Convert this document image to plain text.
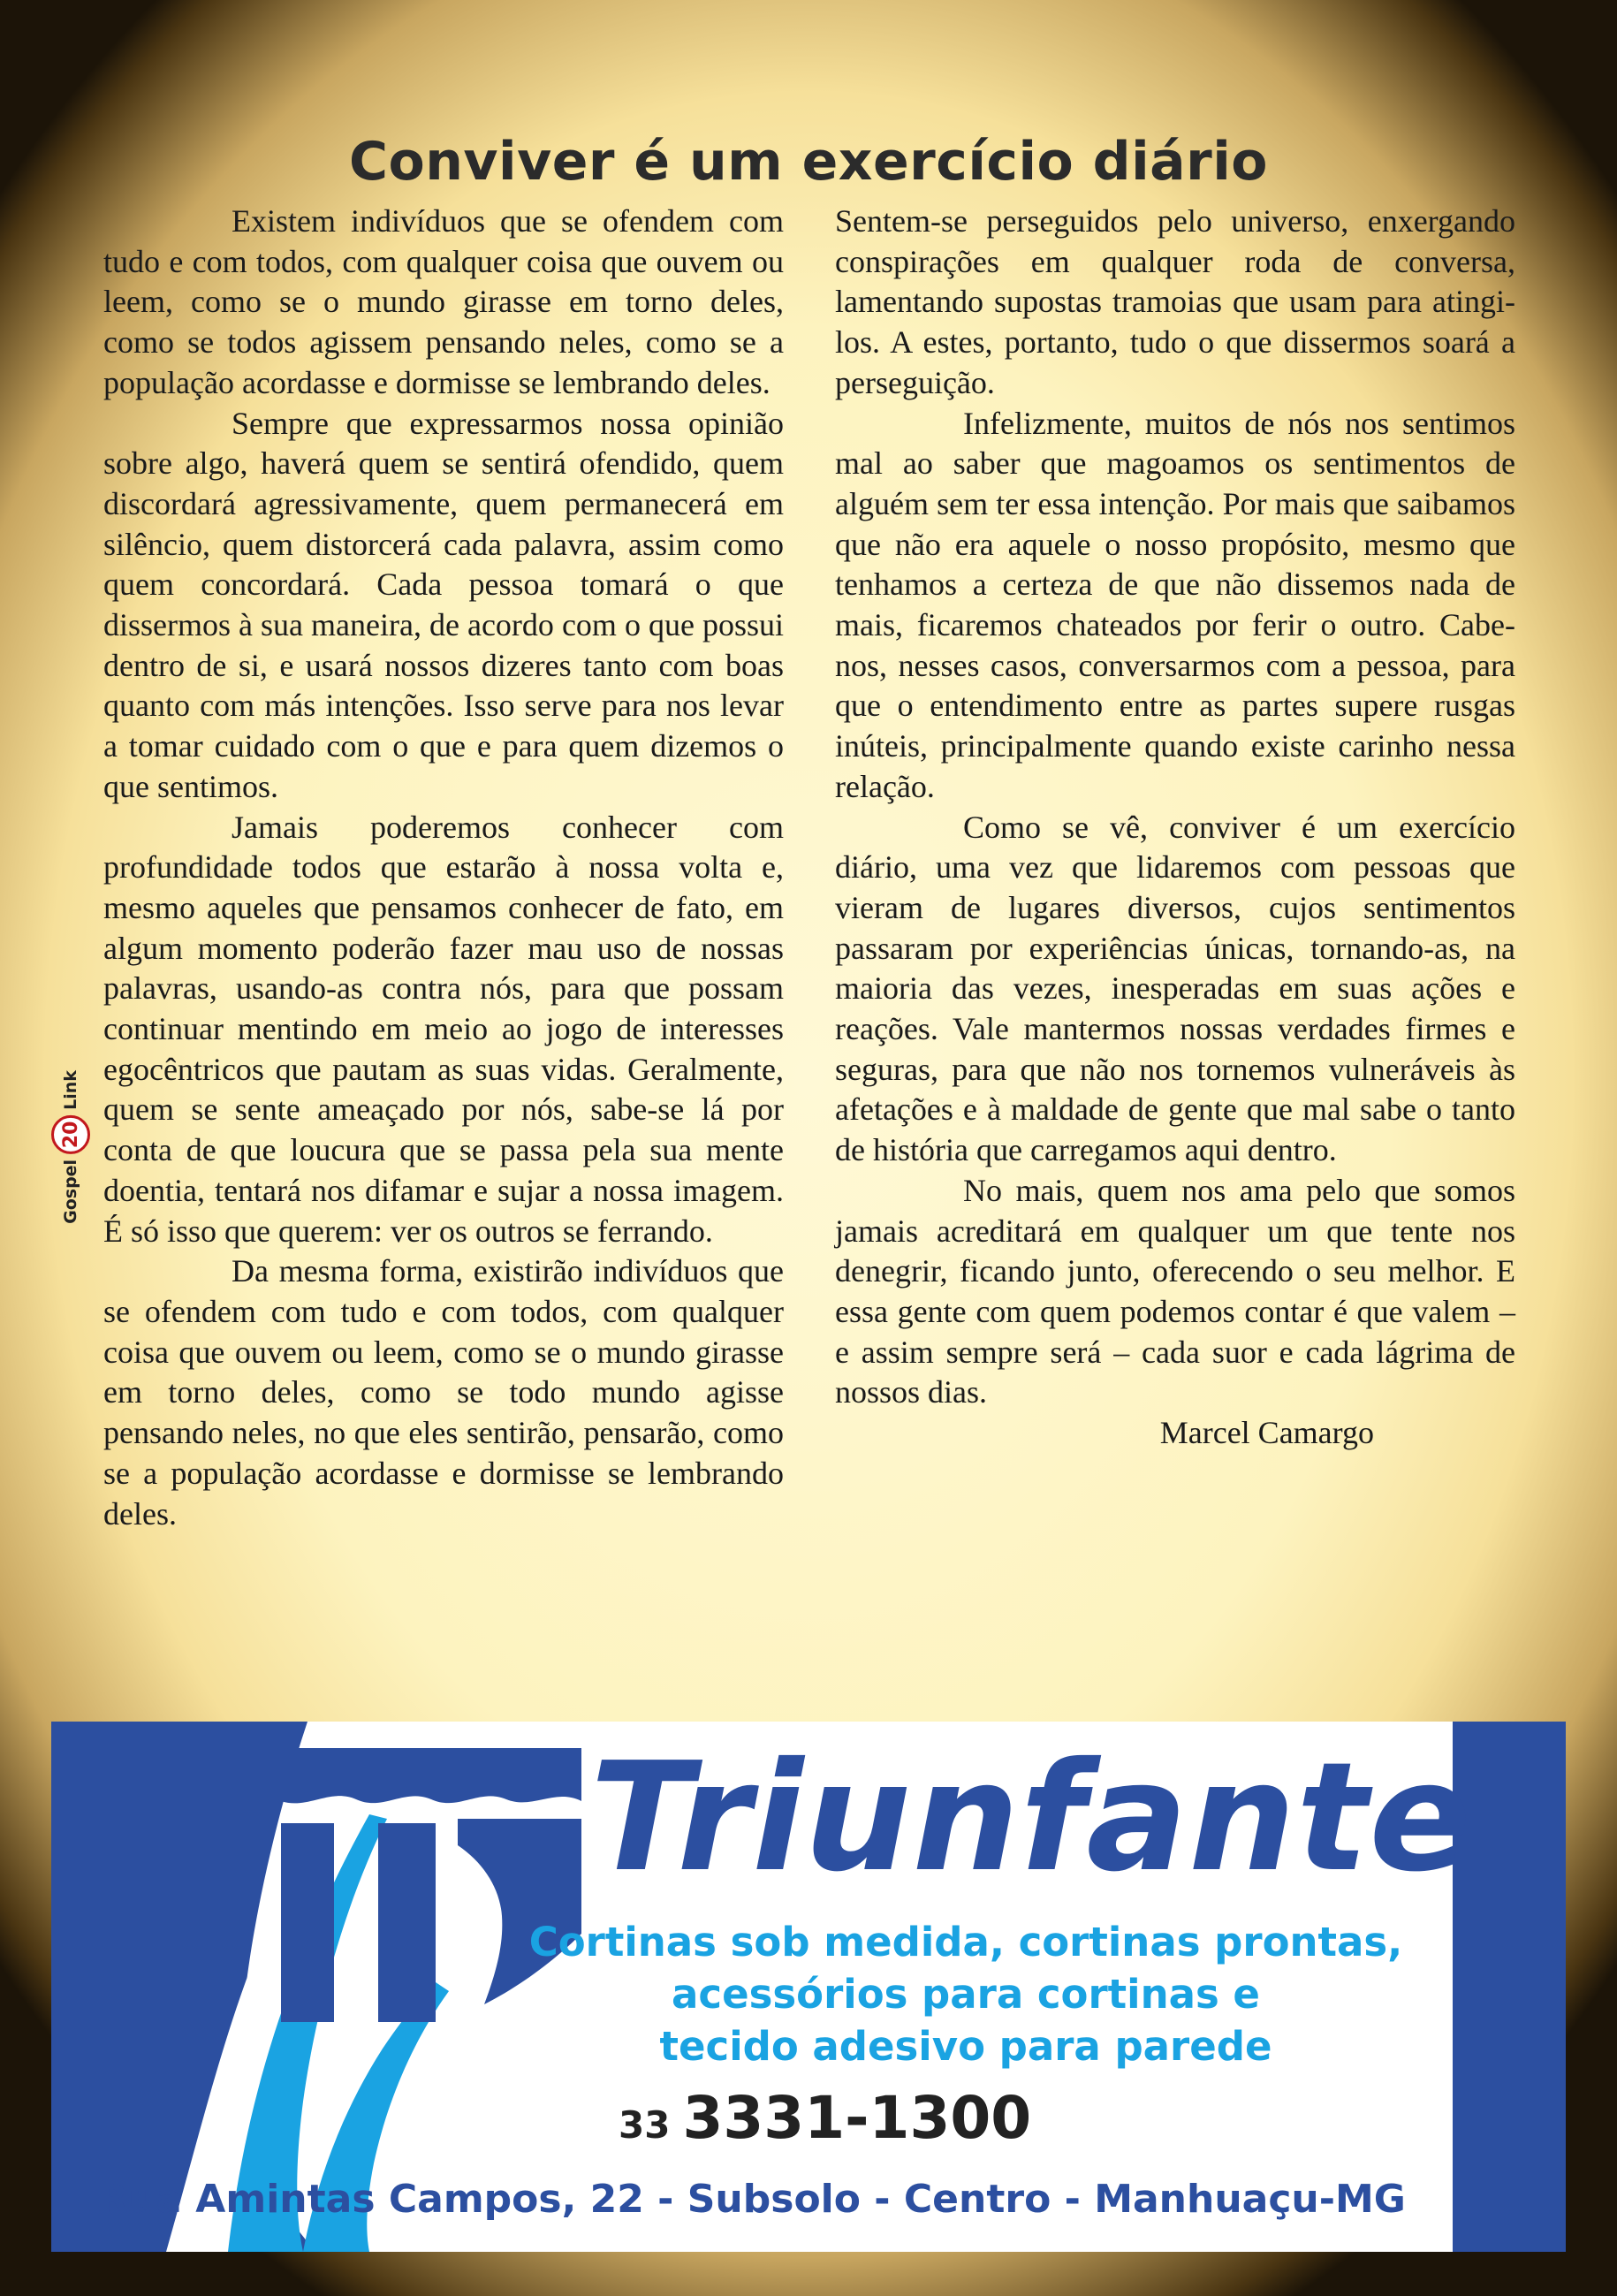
Conviver é um exercício diário

Existem indivíduos que se ofendem com tudo e com todos, com qualquer coisa que ouvem ou leem, como se o mundo girasse em torno deles, como se todos agissem pensando neles, como se a população acordasse e dormisse se lembrando deles.

Sempre que expressarmos nossa opinião sobre algo, haverá quem se sentirá ofendido, quem discordará agressivamente, quem permanecerá em silêncio, quem distorcerá cada palavra, assim como quem concordará. Cada pessoa tomará o que dissermos à sua maneira, de acordo com o que possui dentro de si, e usará nossos dizeres tanto com boas quanto com más intenções. Isso serve para nos levar a tomar cuidado com o que e para quem dizemos o que sentimos.

Jamais poderemos conhecer com profundidade todos que estarão à nossa volta e, mesmo aqueles que pensamos conhecer de fato, em algum momento poderão fazer mau uso de nossas palavras, usando-as contra nós, para que possam continuar mentindo em meio ao jogo de interesses egocêntricos que pautam as suas vidas. Geralmente, quem se sente ameaçado por nós, sabe-se lá por conta de que loucura que se passa pela sua mente doentia, tentará nos difamar e sujar a nossa imagem. É só isso que querem: ver os outros se ferrando.

Da mesma forma, existirão indivíduos que se ofendem com tudo e com todos, com qualquer coisa que ouvem ou leem, como se o mundo girasse em torno deles, como se todo mundo agisse pensando neles, no que eles sentirão, pensarão, como se a população acordasse e dormisse se lembrando deles.

Sentem-se perseguidos pelo universo, enxergando conspirações em qualquer roda de conversa, lamentando supostas tramoias que usam para atingi-los. A estes, portanto, tudo o que dissermos soará a perseguição.

Infelizmente, muitos de nós nos sentimos mal ao saber que magoamos os sentimentos de alguém sem ter essa intenção. Por mais que saibamos que não era aquele o nosso propósito, mesmo que tenhamos a certeza de que não dissemos nada de mais, ficaremos chateados por ferir o outro. Cabe-nos, nesses casos, conversarmos com a pessoa, para que o entendimento entre as partes supere rusgas inúteis, principalmente quando existe carinho nessa relação.

Como se vê, conviver é um exercício diário, uma vez que lidaremos com pessoas que vieram de lugares diversos, cujos sentimentos passaram por experiências únicas, tornando-as, na maioria das vezes, inesperadas em suas ações e reações. Vale mantermos nossas verdades firmes e seguras, para que não nos tornemos vulneráveis às afetações e à maldade de gente que mal sabe o tanto de história que carregamos aqui dentro.

No mais, quem nos ama pelo que somos jamais acreditará em qualquer um que tente nos denegrir, ficando junto, oferecendo o seu melhor. E essa gente com quem podemos contar é que valem – e assim sempre será – cada suor e cada lágrima de nossos dias.

Marcel Camargo

Gospel
20
Link
Triunfante
Cortinas sob medida, cortinas prontas,
acessórios para cortinas e
tecido adesivo para parede
33 3331-1300
Rua Amintas Campos, 22 - Subsolo - Centro - Manhuaçu-MG
